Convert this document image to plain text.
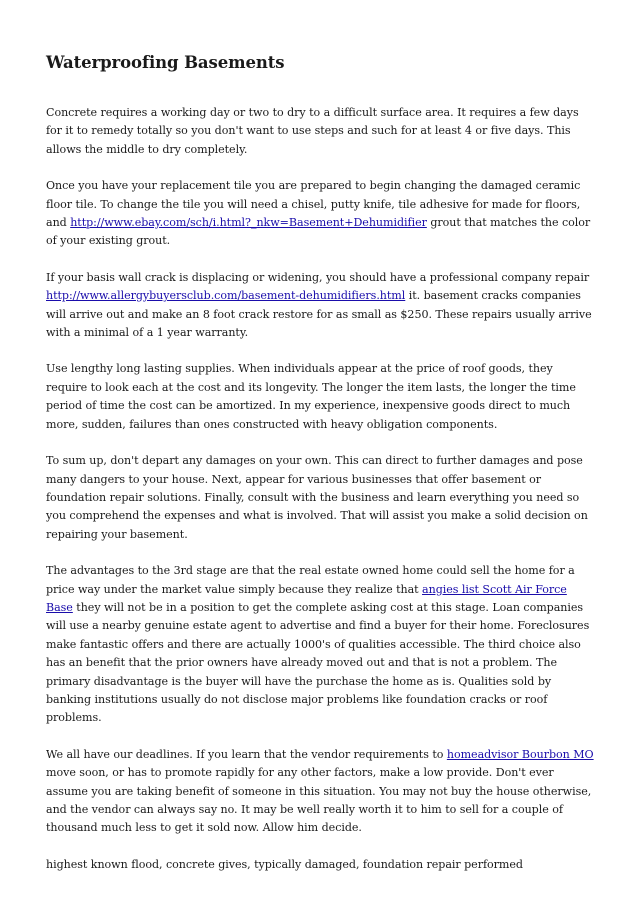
Waterproofing Basements

Concrete requires a working day or two to dry to a difficult surface area. It requires a few days for it to remedy totally so you don't want to use steps and such for at least 4 or five days. This allows the middle to dry completely.

Once you have your replacement tile you are prepared to begin changing the damaged ceramic floor tile. To change the tile you will need a chisel, putty knife, tile adhesive for made for floors, and http://www.ebay.com/sch/i.html?_nkw=Basement+Dehumidifier grout that matches the color of your existing grout.

If your basis wall crack is displacing or widening, you should have a professional company repair http://www.allergybuyersclub.com/basement-dehumidifiers.html it. basement cracks companies will arrive out and make an 8 foot crack restore for as small as $250. These repairs usually arrive with a minimal of a 1 year warranty.

Use lengthy long lasting supplies. When individuals appear at the price of roof goods, they require to look each at the cost and its longevity. The longer the item lasts, the longer the time period of time the cost can be amortized. In my experience, inexpensive goods direct to much more, sudden, failures than ones constructed with heavy obligation components.

To sum up, don't depart any damages on your own. This can direct to further damages and pose many dangers to your house. Next, appear for various businesses that offer basement or foundation repair solutions. Finally, consult with the business and learn everything you need so you comprehend the expenses and what is involved. That will assist you make a solid decision on repairing your basement.

The advantages to the 3rd stage are that the real estate owned home could sell the home for a price way under the market value simply because they realize that angies list Scott Air Force Base they will not be in a position to get the complete asking cost at this stage. Loan companies will use a nearby genuine estate agent to advertise and find a buyer for their home. Foreclosures make fantastic offers and there are actually 1000's of qualities accessible. The third choice also has an benefit that the prior owners have already moved out and that is not a problem. The primary disadvantage is the buyer will have the purchase the home as is. Qualities sold by banking institutions usually do not disclose major problems like foundation cracks or roof problems.

We all have our deadlines. If you learn that the vendor requirements to homeadvisor Bourbon MO move soon, or has to promote rapidly for any other factors, make a low provide. Don't ever assume you are taking benefit of someone in this situation. You may not buy the house otherwise, and the vendor can always say no. It may be well really worth it to him to sell for a couple of thousand much less to get it sold now. Allow him decide.

highest known flood, concrete gives, typically damaged, foundation repair performed
